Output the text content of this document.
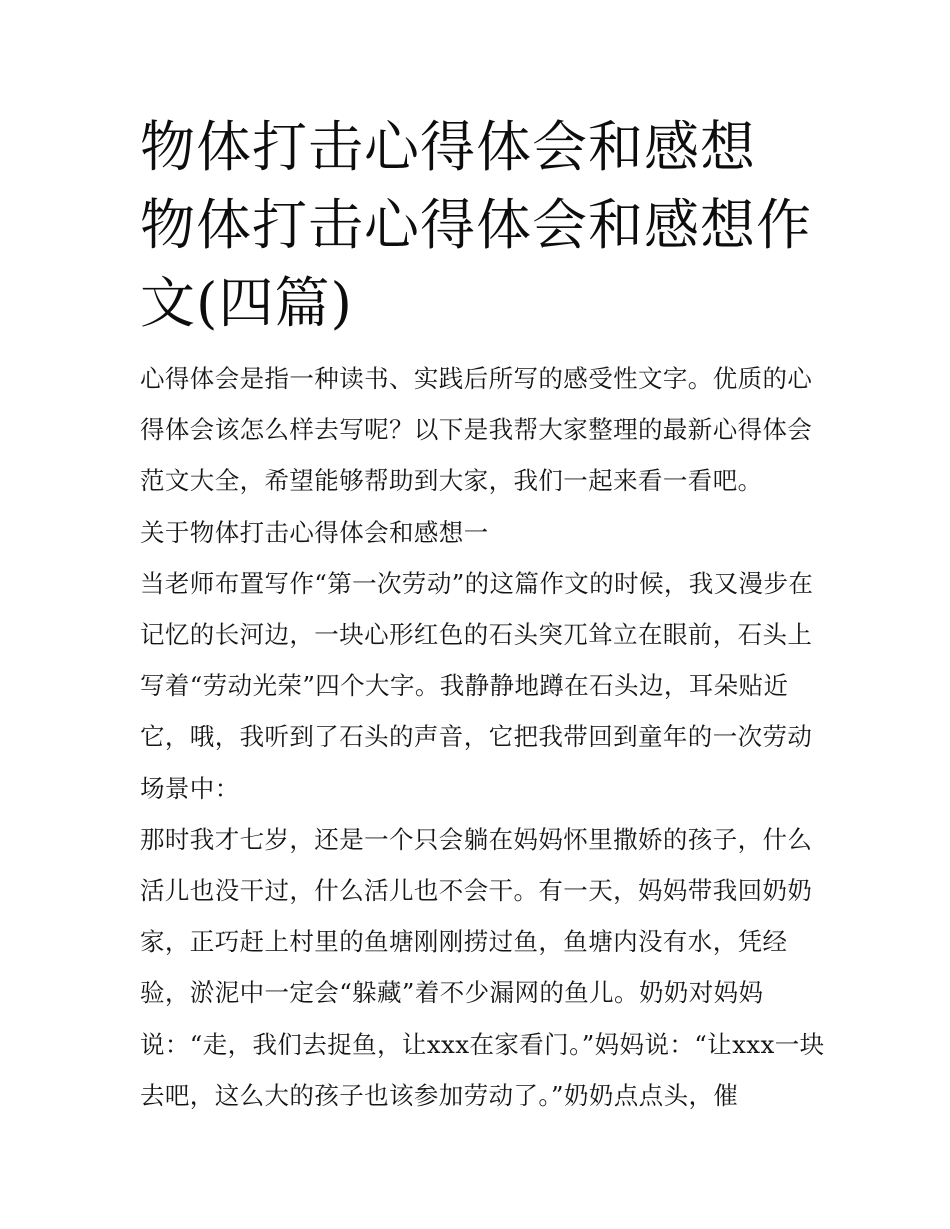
物体打击心得体会和感想 物体打击心得体会和感想作文(四篇)

心得体会是指一种读书、实践后所写的感受性文字。优质的心得体会该怎么样去写呢？以下是我帮大家整理的最新心得体会范文大全，希望能够帮助到大家，我们一起来看一看吧。

关于物体打击心得体会和感想一

当老师布置写作“第一次劳动”的这篇作文的时候，我又漫步在记忆的长河边，一块心形红色的石头突兀耸立在眼前，石头上写着“劳动光荣”四个大字。我静静地蹲在石头边，耳朵贴近它，哦，我听到了石头的声音，它把我带回到童年的一次劳动场景中：

那时我才七岁，还是一个只会躺在妈妈怀里撒娇的孩子，什么活儿也没干过，什么活儿也不会干。有一天，妈妈带我回奶奶家，正巧赶上村里的鱼塘刚刚捞过鱼，鱼塘内没有水，凭经验，淤泥中一定会“躲藏”着不少漏网的鱼儿。奶奶对妈妈说：“走，我们去捉鱼，让xxx在家看门。”妈妈说：“让xxx一块去吧，这么大的孩子也该参加劳动了。”奶奶点点头，催
